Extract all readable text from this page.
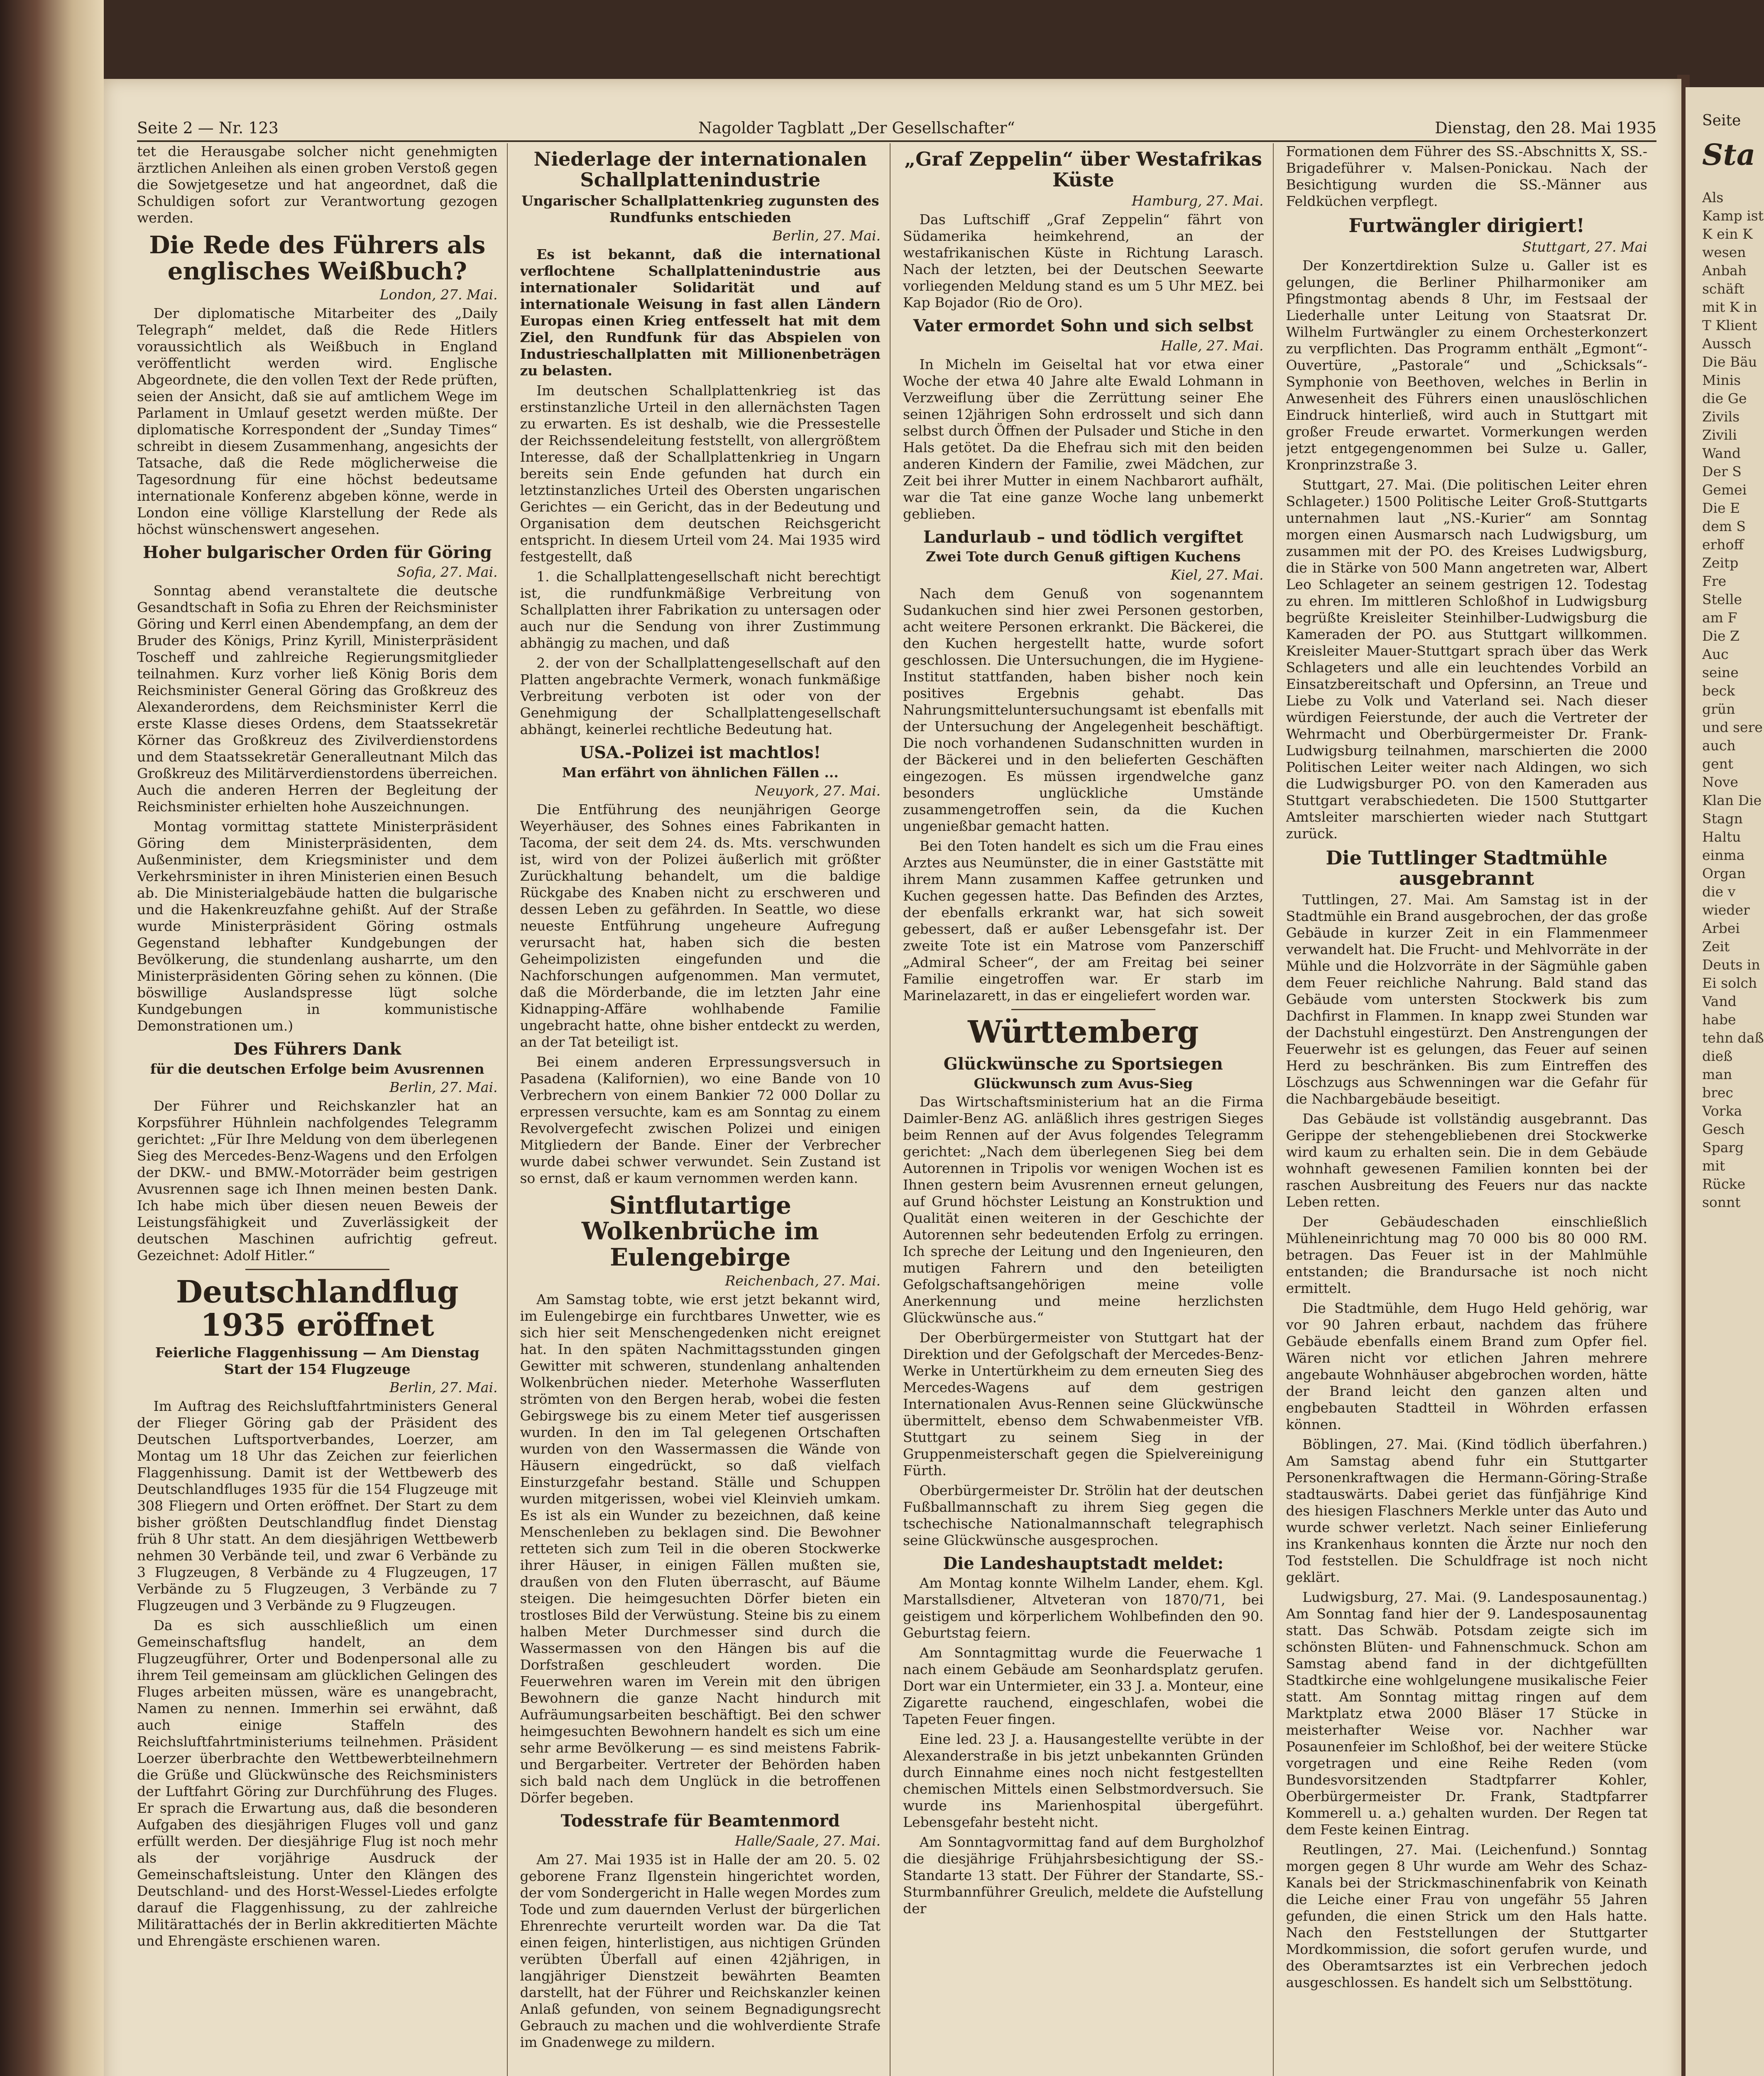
Seite 2 — Nr. 123	Nagolder Tagblatt „Der Gesellschafter“	Dienstag, den 28. Mai 1935

tet die Herausgabe solcher nicht genehmigten ärztlichen Anleihen als einen groben Verstoß gegen die Sowjetgesetze und hat angeordnet, daß die Schuldigen sofort zur Verantwortung gezogen werden.

Die Rede des Führers als englisches Weißbuch?
London, 27. Mai.

Der diplomatische Mitarbeiter des „Daily Telegraph“ meldet, daß die Rede Hitlers voraussichtlich als Weißbuch in England veröffentlicht werden wird. Englische Abgeordnete, die den vollen Text der Rede prüften, seien der Ansicht, daß sie auf amtlichem Wege im Parlament in Umlauf gesetzt werden müßte. Der diplomatische Korrespondent der „Sunday Times“ schreibt in diesem Zusammenhang, angesichts der Tatsache, daß die Rede möglicherweise die Tagesordnung für eine höchst bedeutsame internationale Konferenz abgeben könne, werde in London eine völlige Klarstellung der Rede als höchst wünschenswert angesehen.

Hoher bulgarischer Orden für Göring
Sofia, 27. Mai.

Sonntag abend veranstaltete die deutsche Gesandtschaft in Sofia zu Ehren der Reichsminister Göring und Kerrl einen Abendempfang, an dem der Bruder des Königs, Prinz Kyrill, Ministerpräsident Toscheff und zahlreiche Regierungsmitglieder teilnahmen. Kurz vorher ließ König Boris dem Reichsminister General Göring das Großkreuz des Alexanderordens, dem Reichsminister Kerrl die erste Klasse dieses Ordens, dem Staatssekretär Körner das Großkreuz des Zivilverdienstordens und dem Staatssekretär Generalleutnant Milch das Großkreuz des Militärverdienstordens überreichen. Auch die anderen Herren der Begleitung der Reichsminister erhielten hohe Auszeichnungen.

Montag vormittag stattete Ministerpräsident Göring dem Ministerpräsidenten, dem Außenminister, dem Kriegsminister und dem Verkehrsminister in ihren Ministerien einen Besuch ab. Die Ministerialgebäude hatten die bulgarische und die Hakenkreuzfahne gehißt. Auf der Straße wurde Ministerpräsident Göring ostmals Gegenstand lebhafter Kundgebungen der Bevölkerung, die stundenlang ausharrte, um den Ministerpräsidenten Göring sehen zu können. (Die böswillige Auslandspresse lügt solche Kundgebungen in kommunistische Demonstrationen um.)

Des Führers Dank
für die deutschen Erfolge beim Avusrennen
Berlin, 27. Mai.

Der Führer und Reichskanzler hat an Korpsführer Hühnlein nachfolgendes Telegramm gerichtet: „Für Ihre Meldung von dem überlegenen Sieg des Mercedes-Benz-Wagens und den Erfolgen der DKW.- und BMW.-Motorräder beim gestrigen Avusrennen sage ich Ihnen meinen besten Dank. Ich habe mich über diesen neuen Beweis der Leistungsfähigkeit und Zuverlässigkeit der deutschen Maschinen aufrichtig gefreut. Gezeichnet: Adolf Hitler.“

Deutschlandflug 1935 eröffnet
Feierliche Flaggenhissung — Am Dienstag Start der 154 Flugzeuge
Berlin, 27. Mai.

Im Auftrag des Reichsluftfahrtministers General der Flieger Göring gab der Präsident des Deutschen Luftsportverbandes, Loerzer, am Montag um 18 Uhr das Zeichen zur feierlichen Flaggenhissung. Damit ist der Wettbewerb des Deutschlandfluges 1935 für die 154 Flugzeuge mit 308 Fliegern und Orten eröffnet. Der Start zu dem bisher größten Deutschlandflug findet Dienstag früh 8 Uhr statt. An dem diesjährigen Wettbewerb nehmen 30 Verbände teil, und zwar 6 Verbände zu 3 Flugzeugen, 8 Verbände zu 4 Flugzeugen, 17 Verbände zu 5 Flugzeugen, 3 Verbände zu 7 Flugzeugen und 3 Verbände zu 9 Flugzeugen.

Da es sich ausschließlich um einen Gemeinschaftsflug handelt, an dem Flugzeugführer, Orter und Bodenpersonal alle zu ihrem Teil gemeinsam am glücklichen Gelingen des Fluges arbeiten müssen, wäre es unangebracht, Namen zu nennen. Immerhin sei erwähnt, daß auch einige Staffeln des Reichsluftfahrtministeriums teilnehmen. Präsident Loerzer überbrachte den Wettbewerbteilnehmern die Grüße und Glückwünsche des Reichsministers der Luftfahrt Göring zur Durchführung des Fluges. Er sprach die Erwartung aus, daß die besonderen Aufgaben des diesjährigen Fluges voll und ganz erfüllt werden. Der diesjährige Flug ist noch mehr als der vorjährige Ausdruck der Gemeinschaftsleistung. Unter den Klängen des Deutschland- und des Horst-Wessel-Liedes erfolgte darauf die Flaggenhissung, zu der zahlreiche Militärattachés der in Berlin akkreditierten Mächte und Ehrengäste erschienen waren.

Niederlage der internationalen Schallplattenindustrie
Ungarischer Schallplattenkrieg zugunsten des Rundfunks entschieden
Berlin, 27. Mai.

Es ist bekannt, daß die international verflochtene Schallplattenindustrie aus internationaler Solidarität und auf internationale Weisung in fast allen Ländern Europas einen Krieg entfesselt hat mit dem Ziel, den Rundfunk für das Abspielen von Industrieschallplatten mit Millionenbeträgen zu belasten.

Im deutschen Schallplattenkrieg ist das erstinstanzliche Urteil in den allernächsten Tagen zu erwarten. Es ist deshalb, wie die Pressestelle der Reichssendeleitung feststellt, von allergrößtem Interesse, daß der Schallplattenkrieg in Ungarn bereits sein Ende gefunden hat durch ein letztinstanzliches Urteil des Obersten ungarischen Gerichtes — ein Gericht, das in der Bedeutung und Organisation dem deutschen Reichsgericht entspricht. In diesem Urteil vom 24. Mai 1935 wird festgestellt, daß

1. die Schallplattengesellschaft nicht berechtigt ist, die rundfunkmäßige Verbreitung von Schallplatten ihrer Fabrikation zu untersagen oder auch nur die Sendung von ihrer Zustimmung abhängig zu machen, und daß

2. der von der Schallplattengesellschaft auf den Platten angebrachte Vermerk, wonach funkmäßige Verbreitung verboten ist oder von der Genehmigung der Schallplattengesellschaft abhängt, keinerlei rechtliche Bedeutung hat.

USA.-Polizei ist machtlos!
Man erfährt von ähnlichen Fällen ...
Neuyork, 27. Mai.

Die Entführung des neunjährigen George Weyerhäuser, des Sohnes eines Fabrikanten in Tacoma, der seit dem 24. ds. Mts. verschwunden ist, wird von der Polizei äußerlich mit größter Zurückhaltung behandelt, um die baldige Rückgabe des Knaben nicht zu erschweren und dessen Leben zu gefährden. In Seattle, wo diese neueste Entführung ungeheure Aufregung verursacht hat, haben sich die besten Geheimpolizisten eingefunden und die Nachforschungen aufgenommen. Man vermutet, daß die Mörderbande, die im letzten Jahr eine Kidnapping-Affäre wohlhabende Familie ungebracht hatte, ohne bisher entdeckt zu werden, an der Tat beteiligt ist.

Bei einem anderen Erpressungsversuch in Pasadena (Kalifornien), wo eine Bande von 10 Verbrechern von einem Bankier 72 000 Dollar zu erpressen versuchte, kam es am Sonntag zu einem Revolvergefecht zwischen Polizei und einigen Mitgliedern der Bande. Einer der Verbrecher wurde dabei schwer verwundet. Sein Zustand ist so ernst, daß er kaum vernommen werden kann.

Sintflutartige Wolkenbrüche im Eulengebirge
Reichenbach, 27. Mai.

Am Samstag tobte, wie erst jetzt bekannt wird, im Eulengebirge ein furchtbares Unwetter, wie es sich hier seit Menschengedenken nicht ereignet hat. In den späten Nachmittagsstunden gingen Gewitter mit schweren, stundenlang anhaltenden Wolkenbrüchen nieder. Meterhohe Wasserfluten strömten von den Bergen herab, wobei die festen Gebirgswege bis zu einem Meter tief ausgerissen wurden. In den im Tal gelegenen Ortschaften wurden von den Wassermassen die Wände von Häusern eingedrückt, so daß vielfach Einsturzgefahr bestand. Ställe und Schuppen wurden mitgerissen, wobei viel Kleinvieh umkam. Es ist als ein Wunder zu bezeichnen, daß keine Menschenleben zu beklagen sind. Die Bewohner retteten sich zum Teil in die oberen Stockwerke ihrer Häuser, in einigen Fällen mußten sie, draußen von den Fluten überrascht, auf Bäume steigen. Die heimgesuchten Dörfer bieten ein trostloses Bild der Verwüstung. Steine bis zu einem halben Meter Durchmesser sind durch die Wassermassen von den Hängen bis auf die Dorfstraßen geschleudert worden. Die Feuerwehren waren im Verein mit den übrigen Bewohnern die ganze Nacht hindurch mit Aufräumungsarbeiten beschäftigt. Bei den schwer heimgesuchten Bewohnern handelt es sich um eine sehr arme Bevölkerung — es sind meistens Fabrik- und Bergarbeiter. Vertreter der Behörden haben sich bald nach dem Unglück in die betroffenen Dörfer begeben.

Todesstrafe für Beamtenmord
Halle/Saale, 27. Mai.

Am 27. Mai 1935 ist in Halle der am 20. 5. 02 geborene Franz Ilgenstein hingerichtet worden, der vom Sondergericht in Halle wegen Mordes zum Tode und zum dauernden Verlust der bürgerlichen Ehrenrechte verurteilt worden war. Da die Tat einen feigen, hinterlistigen, aus nichtigen Gründen verübten Überfall auf einen 42jährigen, in langjähriger Dienstzeit bewährten Beamten darstellt, hat der Führer und Reichskanzler keinen Anlaß gefunden, von seinem Begnadigungsrecht Gebrauch zu machen und die wohlverdiente Strafe im Gnadenwege zu mildern.

„Graf Zeppelin“ über Westafrikas Küste
Hamburg, 27. Mai.

Das Luftschiff „Graf Zeppelin“ fährt von Südamerika heimkehrend, an der westafrikanischen Küste in Richtung Larasch. Nach der letzten, bei der Deutschen Seewarte vorliegenden Meldung stand es um 5 Uhr MEZ. bei Kap Bojador (Rio de Oro).

Vater ermordet Sohn und sich selbst
Halle, 27. Mai.

In Micheln im Geiseltal hat vor etwa einer Woche der etwa 40 Jahre alte Ewald Lohmann in Verzweiflung über die Zerrüttung seiner Ehe seinen 12jährigen Sohn erdrosselt und sich dann selbst durch Öffnen der Pulsader und Stiche in den Hals getötet. Da die Ehefrau sich mit den beiden anderen Kindern der Familie, zwei Mädchen, zur Zeit bei ihrer Mutter in einem Nachbarort aufhält, war die Tat eine ganze Woche lang unbemerkt geblieben.

Landurlaub – und tödlich vergiftet
Zwei Tote durch Genuß giftigen Kuchens
Kiel, 27. Mai.

Nach dem Genuß von sogenanntem Sudankuchen sind hier zwei Personen gestorben, acht weitere Personen erkrankt. Die Bäckerei, die den Kuchen hergestellt hatte, wurde sofort geschlossen. Die Untersuchungen, die im Hygiene-Institut stattfanden, haben bisher noch kein positives Ergebnis gehabt. Das Nahrungsmitteluntersuchungsamt ist ebenfalls mit der Untersuchung der Angelegenheit beschäftigt. Die noch vorhandenen Sudanschnitten wurden in der Bäckerei und in den belieferten Geschäften eingezogen. Es müssen irgendwelche ganz besonders unglückliche Umstände zusammengetroffen sein, da die Kuchen ungenießbar gemacht hatten.

Bei den Toten handelt es sich um die Frau eines Arztes aus Neumünster, die in einer Gaststätte mit ihrem Mann zusammen Kaffee getrunken und Kuchen gegessen hatte. Das Befinden des Arztes, der ebenfalls erkrankt war, hat sich soweit gebessert, daß er außer Lebensgefahr ist. Der zweite Tote ist ein Matrose vom Panzerschiff „Admiral Scheer“, der am Freitag bei seiner Familie eingetroffen war. Er starb im Marinelazarett, in das er eingeliefert worden war.

Württemberg
Glückwünsche zu Sportsiegen
Glückwunsch zum Avus-Sieg

Das Wirtschaftsministerium hat an die Firma Daimler-Benz AG. anläßlich ihres gestrigen Sieges beim Rennen auf der Avus folgendes Telegramm gerichtet: „Nach dem überlegenen Sieg bei dem Autorennen in Tripolis vor wenigen Wochen ist es Ihnen gestern beim Avusrennen erneut gelungen, auf Grund höchster Leistung an Konstruktion und Qualität einen weiteren in der Geschichte der Autorennen sehr bedeutenden Erfolg zu erringen. Ich spreche der Leitung und den Ingenieuren, den mutigen Fahrern und den beteiligten Gefolgschaftsangehörigen meine volle Anerkennung und meine herzlichsten Glückwünsche aus.“

Der Oberbürgermeister von Stuttgart hat der Direktion und der Gefolgschaft der Mercedes-Benz-Werke in Untertürkheim zu dem erneuten Sieg des Mercedes-Wagens auf dem gestrigen Internationalen Avus-Rennen seine Glückwünsche übermittelt, ebenso dem Schwabenmeister VfB. Stuttgart zu seinem Sieg in der Gruppenmeisterschaft gegen die Spielvereinigung Fürth.

Oberbürgermeister Dr. Strölin hat der deutschen Fußballmannschaft zu ihrem Sieg gegen die tschechische Nationalmannschaft telegraphisch seine Glückwünsche ausgesprochen.

Die Landeshauptstadt meldet:

Am Montag konnte Wilhelm Lander, ehem. Kgl. Marstallsdiener, Altveteran von 1870/71, bei geistigem und körperlichem Wohlbefinden den 90. Geburtstag feiern.

Am Sonntagmittag wurde die Feuerwache 1 nach einem Gebäude am Seonhardsplatz gerufen. Dort war ein Untermieter, ein 33 J. a. Monteur, eine Zigarette rauchend, eingeschlafen, wobei die Tapeten Feuer fingen.

Eine led. 23 J. a. Hausangestellte verübte in der Alexanderstraße in bis jetzt unbekannten Gründen durch Einnahme eines noch nicht festgestellten chemischen Mittels einen Selbstmordversuch. Sie wurde ins Marienhospital übergeführt. Lebensgefahr besteht nicht.

Am Sonntagvormittag fand auf dem Burgholzhof die diesjährige Frühjahrsbesichtigung der SS.-Standarte 13 statt. Der Führer der Standarte, SS.-Sturmbannführer Greulich, meldete die Aufstellung der

Formationen dem Führer des SS.-Abschnitts X, SS.-Brigadeführer v. Malsen-Ponickau. Nach der Besichtigung wurden die SS.-Männer aus Feldküchen verpflegt.

Furtwängler dirigiert!
Stuttgart, 27. Mai

Der Konzertdirektion Sulze u. Galler ist es gelungen, die Berliner Philharmoniker am Pfingstmontag abends 8 Uhr, im Festsaal der Liederhalle unter Leitung von Staatsrat Dr. Wilhelm Furtwängler zu einem Orchesterkonzert zu verpflichten. Das Programm enthält „Egmont“-Ouvertüre, „Pastorale“ und „Schicksals“-Symphonie von Beethoven, welches in Berlin in Anwesenheit des Führers einen unauslöschlichen Eindruck hinterließ, wird auch in Stuttgart mit großer Freude erwartet. Vormerkungen werden jetzt entgegengenommen bei Sulze u. Galler, Kronprinzstraße 3.

Stuttgart, 27. Mai. (Die politischen Leiter ehren Schlageter.) 1500 Politische Leiter Groß-Stuttgarts unternahmen laut „NS.-Kurier“ am Sonntag morgen einen Ausmarsch nach Ludwigsburg, um zusammen mit der PO. des Kreises Ludwigsburg, die in Stärke von 500 Mann angetreten war, Albert Leo Schlageter an seinem gestrigen 12. Todestag zu ehren. Im mittleren Schloßhof in Ludwigsburg begrüßte Kreisleiter Steinhilber-Ludwigsburg die Kameraden der PO. aus Stuttgart willkommen. Kreisleiter Mauer-Stuttgart sprach über das Werk Schlageters und alle ein leuchtendes Vorbild an Einsatzbereitschaft und Opfersinn, an Treue und Liebe zu Volk und Vaterland sei. Nach dieser würdigen Feierstunde, der auch die Vertreter der Wehrmacht und Oberbürgermeister Dr. Frank-Ludwigsburg teilnahmen, marschierten die 2000 Politischen Leiter weiter nach Aldingen, wo sich die Ludwigsburger PO. von den Kameraden aus Stuttgart verabschiedeten. Die 1500 Stuttgarter Amtsleiter marschierten wieder nach Stuttgart zurück.

Die Tuttlinger Stadtmühle ausgebrannt

Tuttlingen, 27. Mai. Am Samstag ist in der Stadtmühle ein Brand ausgebrochen, der das große Gebäude in kurzer Zeit in ein Flammenmeer verwandelt hat. Die Frucht- und Mehlvorräte in der Mühle und die Holzvorräte in der Sägmühle gaben dem Feuer reichliche Nahrung. Bald stand das Gebäude vom untersten Stockwerk bis zum Dachfirst in Flammen. In knapp zwei Stunden war der Dachstuhl eingestürzt. Den Anstrengungen der Feuerwehr ist es gelungen, das Feuer auf seinen Herd zu beschränken. Bis zum Eintreffen des Löschzugs aus Schwenningen war die Gefahr für die Nachbargebäude beseitigt.

Das Gebäude ist vollständig ausgebrannt. Das Gerippe der stehengebliebenen drei Stockwerke wird kaum zu erhalten sein. Die in dem Gebäude wohnhaft gewesenen Familien konnten bei der raschen Ausbreitung des Feuers nur das nackte Leben retten.

Der Gebäudeschaden einschließlich Mühleneinrichtung mag 70 000 bis 80 000 RM. betragen. Das Feuer ist in der Mahlmühle entstanden; die Brandursache ist noch nicht ermittelt.

Die Stadtmühle, dem Hugo Held gehörig, war vor 90 Jahren erbaut, nachdem das frühere Gebäude ebenfalls einem Brand zum Opfer fiel. Wären nicht vor etlichen Jahren mehrere angebaute Wohnhäuser abgebrochen worden, hätte der Brand leicht den ganzen alten und engbebauten Stadtteil in Wöhrden erfassen können.

Böblingen, 27. Mai. (Kind tödlich überfahren.) Am Samstag abend fuhr ein Stuttgarter Personenkraftwagen die Hermann-Göring-Straße stadtauswärts. Dabei geriet das fünfjährige Kind des hiesigen Flaschners Merkle unter das Auto und wurde schwer verletzt. Nach seiner Einlieferung ins Krankenhaus konnten die Ärzte nur noch den Tod feststellen. Die Schuldfrage ist noch nicht geklärt.

Ludwigsburg, 27. Mai. (9. Landesposaunentag.) Am Sonntag fand hier der 9. Landesposaunentag statt. Das Schwäb. Potsdam zeigte sich im schönsten Blüten- und Fahnenschmuck. Schon am Samstag abend fand in der dichtgefüllten Stadtkirche eine wohlgelungene musikalische Feier statt. Am Sonntag mittag ringen auf dem Marktplatz etwa 2000 Bläser 17 Stücke in meisterhafter Weise vor. Nachher war Posaunenfeier im Schloßhof, bei der weitere Stücke vorgetragen und eine Reihe Reden (vom Bundesvorsitzenden Stadtpfarrer Kohler, Oberbürgermeister Dr. Frank, Stadtpfarrer Kommerell u. a.) gehalten wurden. Der Regen tat dem Feste keinen Eintrag.

Reutlingen, 27. Mai. (Leichenfund.) Sonntag morgen gegen 8 Uhr wurde am Wehr des Schaz-Kanals bei der Strickmaschinenfabrik von Keinath die Leiche einer Frau von ungefähr 55 Jahren gefunden, die einen Strick um den Hals hatte. Nach den Feststellungen der Stuttgarter Mordkommission, die sofort gerufen wurde, und des Oberamtsarztes ist ein Verbrechen jedoch ausgeschlossen. Es handelt sich um Selbsttötung.

Seite
Sta
Als Kamp ist K ein K wesen Anbah schäft mit K in T Klient Aussch Die Bäu Minis die Ge Zivils Zivili Wand Der S Gemei Die E dem S erhoff Zeitp Fre Stelle am F Die Z Auc seine beck grün und sere auch gent Nove Klan Die Stagn Haltu einma Organ die v wieder Arbei Zeit Deuts in Ei solch Vand habe tehn daß dieß man brec Vorka Gesch Sparg mit Rücke sonnt
